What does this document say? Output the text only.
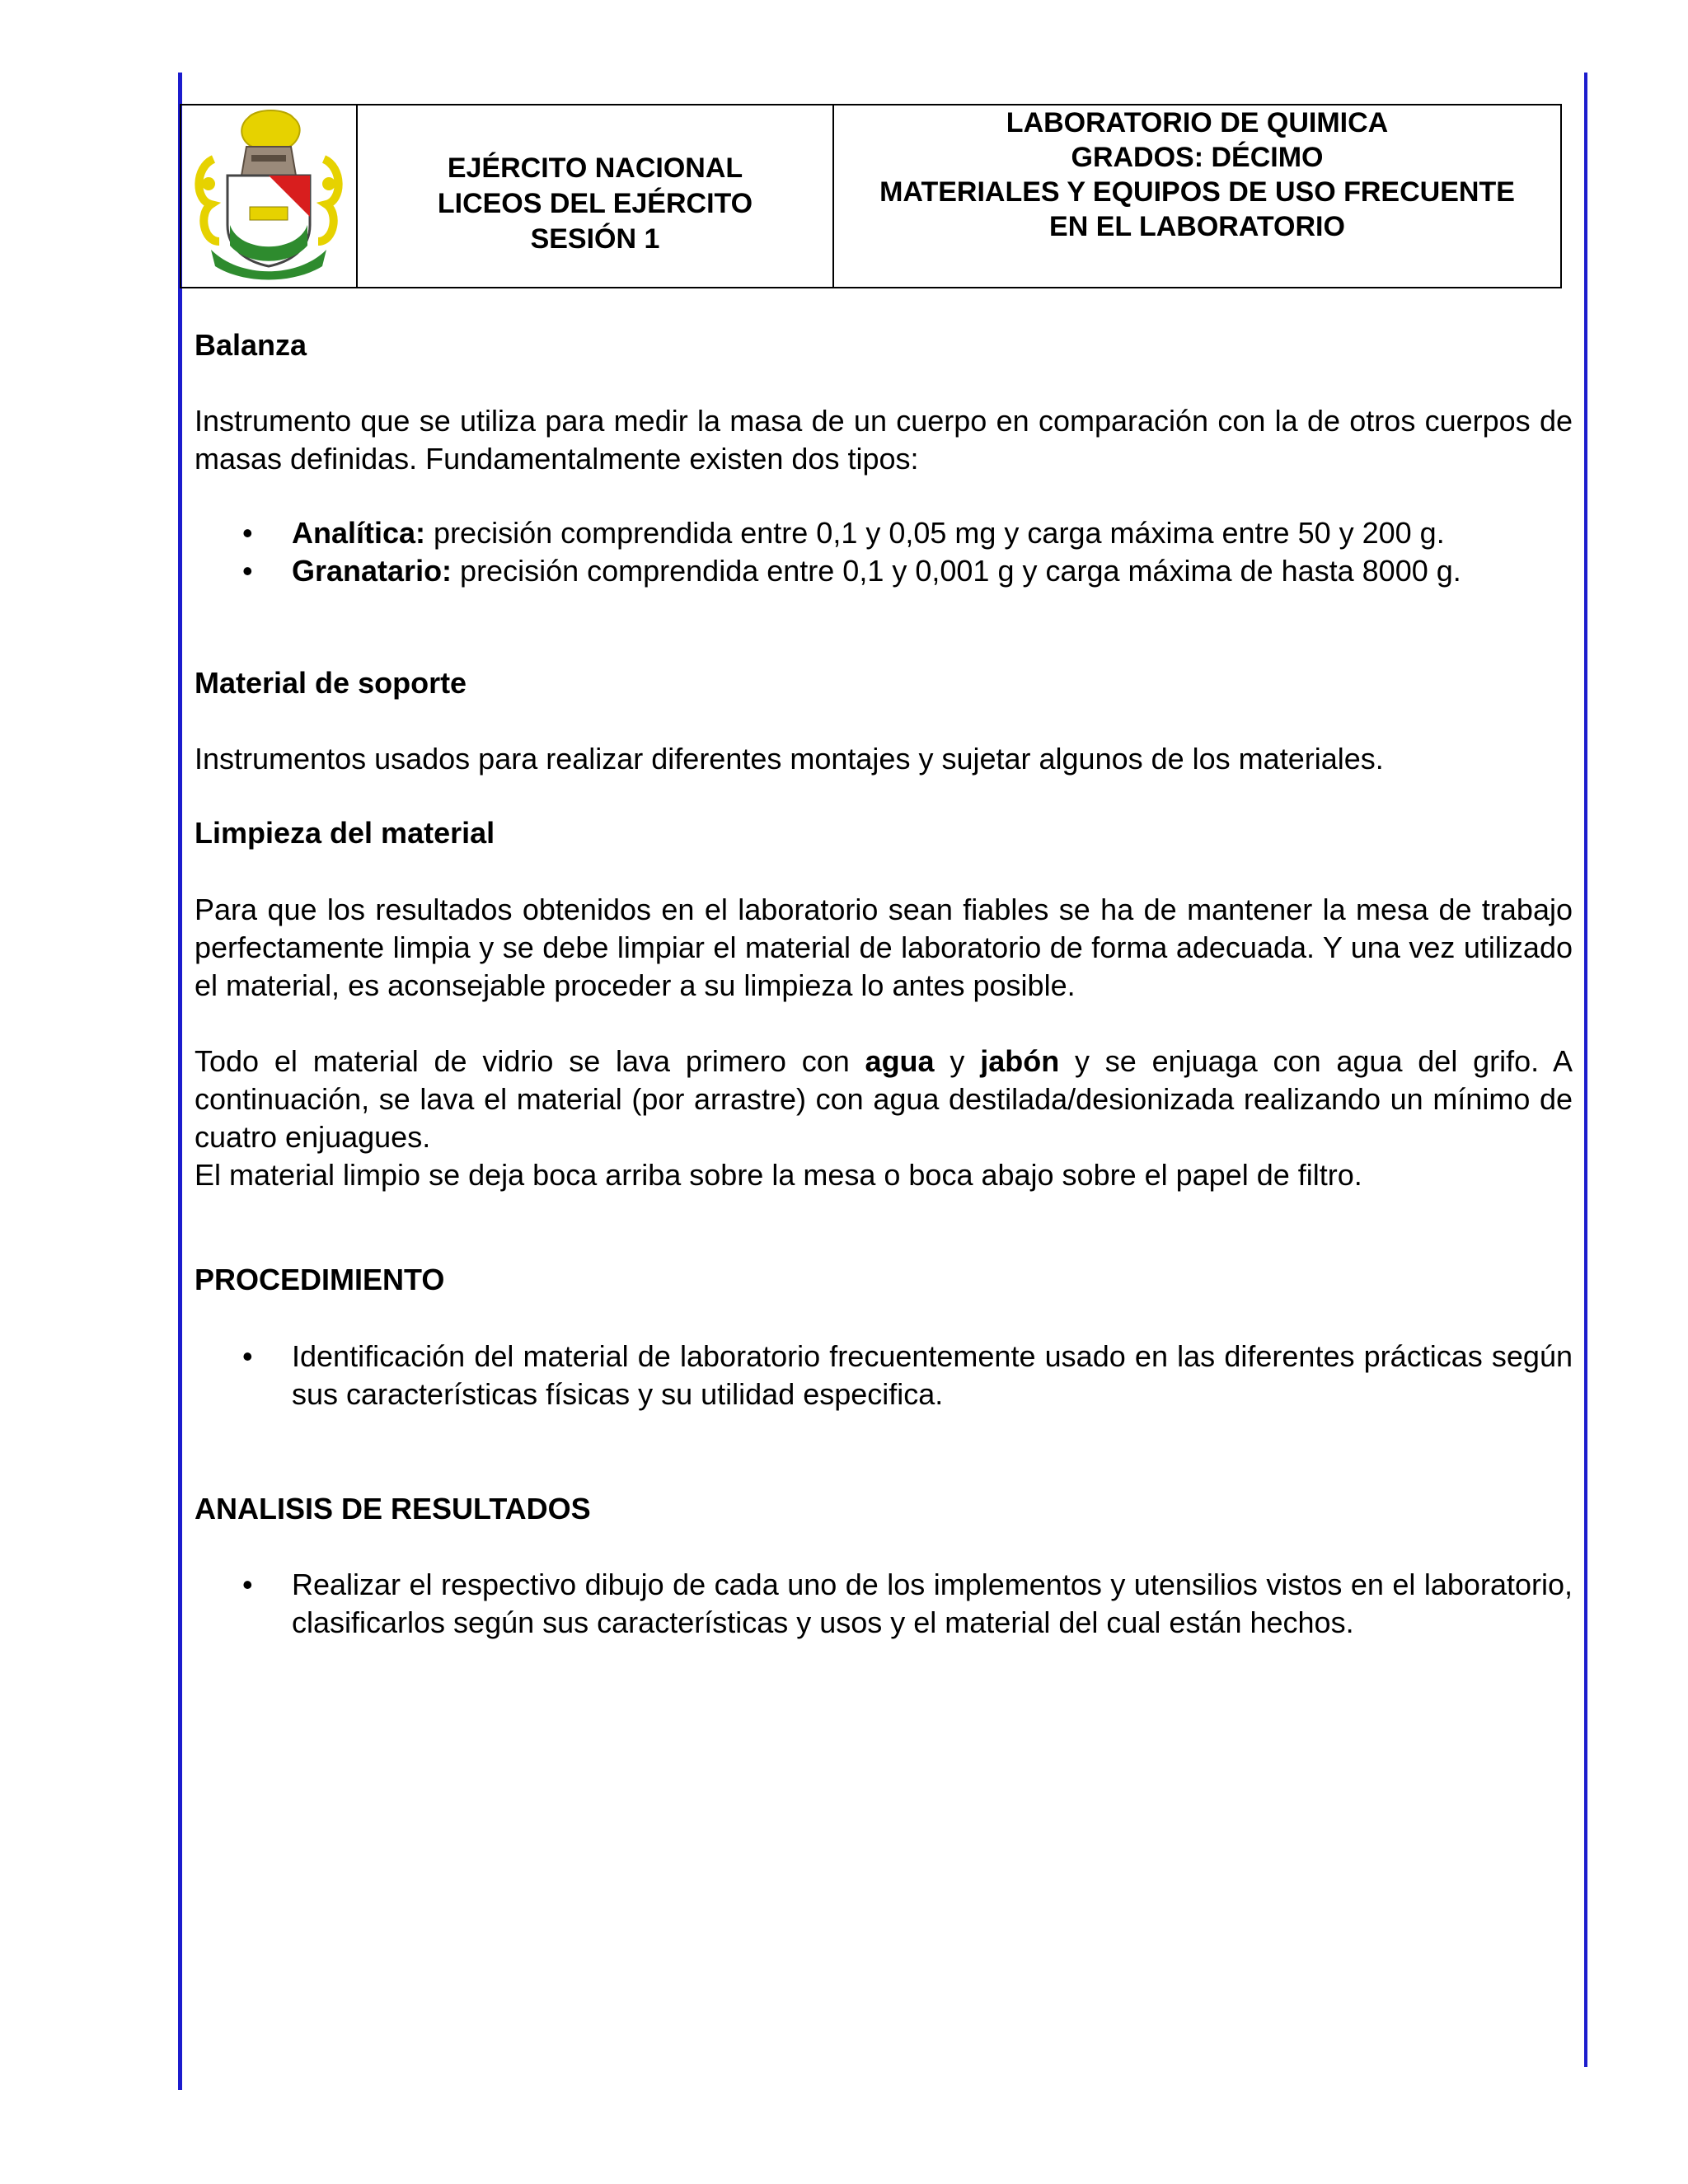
EJÉRCITO NACIONAL
LICEOS DEL EJÉRCITO
SESIÓN 1
LABORATORIO DE QUIMICA
GRADOS: DÉCIMO
MATERIALES Y EQUIPOS DE USO FRECUENTE
EN EL LABORATORIO
Balanza

Instrumento que se utiliza para medir la masa de un cuerpo en comparación con la de otros cuerpos de masas definidas. Fundamentalmente existen dos tipos:

• Analítica: precisión comprendida entre 0,1 y 0,05 mg y carga máxima entre 50 y 200 g.
• Granatario: precisión comprendida entre 0,1 y 0,001 g y carga máxima de hasta 8000 g.
Material de soporte

Instrumentos usados para realizar diferentes montajes y sujetar algunos de los materiales.

Limpieza del material

Para que los resultados obtenidos en el laboratorio sean fiables se ha de mantener la mesa de trabajo perfectamente limpia y se debe limpiar el material de laboratorio de forma adecuada. Y una vez utilizado el material, es aconsejable proceder a su limpieza lo antes posible.

Todo el material de vidrio se lava primero con agua y jabón y se enjuaga con agua del grifo. A continuación, se lava el material (por arrastre) con agua destilada/desionizada realizando un mínimo de cuatro enjuagues.

El material limpio se deja boca arriba sobre la mesa o boca abajo sobre el papel de filtro.

PROCEDIMIENTO
• Identificación del material de laboratorio frecuentemente usado en las diferentes prácticas según sus características físicas y su utilidad especifica.
ANALISIS DE RESULTADOS
• Realizar el respectivo dibujo de cada uno de los implementos y utensilios vistos en el laboratorio, clasificarlos según sus características y usos y el material del cual están hechos.
